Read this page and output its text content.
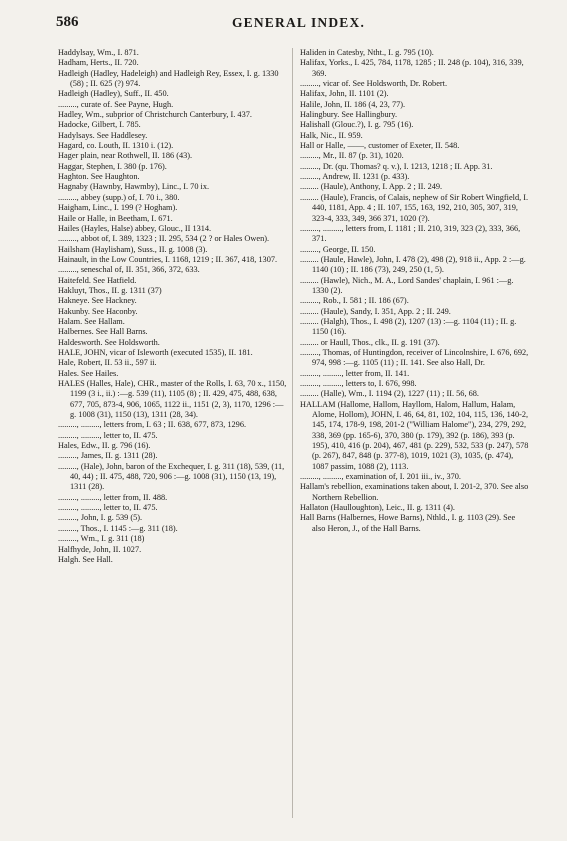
586	GENERAL INDEX.
Haddylsay, Wm., I. 871.
Hadham, Herts., II. 720.
Hadleigh (Hadley, Hadeleigh) and Hadleigh Rey, Essex, I. g. 1330 (58) ; II. 625 (?) 974.
Hadleigh (Hadley), Suff., II. 450.
........., curate of. See Payne, Hugh.
Hadley, Wm., subprior of Christchurch Canterbury, I. 437.
Hadocke, Gilbert, I. 785.
Hadylsays. See Haddlesey.
Hagard, co. Louth, II. 1310 i. (12).
Hager plain, near Rothwell, II. 186 (43).
Haggar, Stephen, I. 380 (p. 176).
Haghton. See Haughton.
Hagnaby (Hawnby, Hawmby), Linc., I. 70 ix.
........., abbey (supp.) of, I. 70 i., 380.
Haigham, Linc., I. 199 (? Hogham).
Haile or Halle, in Beetham, I. 671.
Hailes (Hayles, Halse) abbey, Glouc., II 1314.
........., abbot of, I. 389, 1323 ; II. 295, 534 (2 ? or Hales Owen).
Hailsham (Haylisham), Suss., II. g. 1008 (3).
Hainault, in the Low Countries, I. 1168, 1219 ; II. 367, 418, 1307.
........., seneschal of, II. 351, 366, 372, 633.
Haitefeld. See Hatfield.
Hakluyt, Thos., II. g. 1311 (37)
Hakneye. See Hackney.
Hakunby. See Haconby.
Halam. See Hallam.
Halbernes. See Hall Barns.
Haldesworth. See Holdsworth.
HALE, JOHN, vicar of Isleworth (executed 1535), II. 181.
Hale, Robert, II. 53 ii., 597 ii.
Hales. See Hailes.
HALES (Halles, Hale), CHR., master of the Rolls, I. 63, 70 x., 1150, 1199 (3 i., ii.) :—g. 539 (11), 1105 (8) ; II. 429, 475, 488, 638, 677, 705, 873-4, 906, 1065, 1122 ii., 1151 (2, 3), 1170, 1296 :—g. 1008 (31), 1150 (13), 1311 (28, 34).
........., ........., letters from, I. 63 ; II. 638, 677, 873, 1296.
........., ........., letter to, II. 475.
Hales, Edw., II. g. 796 (16).
........., James, II. g. 1311 (28).
........., (Hale), John, baron of the Exchequer, I. g. 311 (18), 539, (11, 40, 44) ; II. 475, 488, 720, 906 :—g. 1008 (31), 1150 (13, 19), 1311 (28).
........., ........., letter from, II. 488.
........., ........., letter to, II. 475.
........., John, I. g. 539 (5).
........., Thos., I. 1145 :—g. 311 (18).
........., Wm., I. g. 311 (18)
Halfhyde, John, II. 1027.
Halgh. See Hall.
Haliden in Catesby, Ntht., I. g. 795 (10).
Halifax, Yorks., I. 425, 784, 1178, 1285 ; II. 248 (p. 104), 316, 339, 369.
........., vicar of. See Holdsworth, Dr. Robert.
Halifax, John, II. 1101 (2).
Halile, John, II. 186 (4, 23, 77).
Halingbury. See Hallingbury.
Halishall (Glouc.?), I. g. 795 (16).
Halk, Nic., II. 959.
Hall or Halle, ——, customer of Exeter, II. 548.
........., Mr., II. 87 (p. 31), 1020.
........., Dr. (qu. Thomas? q. v.), I. 1213, 1218 ; II. App. 31.
........., Andrew, II. 1231 (p. 433).
......... (Haule), Anthony, I. App. 2 ; II. 249.
......... (Haule), Francis, of Calais, nephew of Sir Robert Wingfield, I. 440, 1181, App. 4 ; II. 107, 155, 163, 192, 210, 305, 307, 319, 323-4, 333, 349, 366 371, 1020 (?).
........., ........., letters from, I. 1181 ; II. 210, 319, 323 (2), 333, 366, 371.
........., George, II. 150.
......... (Haule, Hawle), John, I. 478 (2), 498 (2), 918 ii., App. 2 :—g. 1140 (10) ; II. 186 (73), 249, 250 (1, 5).
......... (Hawle), Nich., M. A., Lord Sandes' chaplain, I. 961 :—g. 1330 (2).
........., Rob., I. 581 ; II. 186 (67).
......... (Haule), Sandy, I. 351, App. 2 ; II. 249.
......... (Halgh), Thos., I. 498 (2), 1207 (13) :—g. 1104 (11) ; II. g. 1150 (16).
......... or Haull, Thos., clk., II. g. 191 (37).
........., Thomas, of Huntingdon, receiver of Lincolnshire, I. 676, 692, 974, 998 :—g. 1105 (11) ; II. 141. See also Hall, Dr.
........., ........., letter from, II. 141.
........., ........., letters to, I. 676, 998.
......... (Halle), Wm., I. 1194 (2), 1227 (11) ; II. 56, 68.
HALLAM (Hallome, Hallom, Hayllom, Halom, Hallum, Halam, Alome, Hollom), JOHN, I. 46, 64, 81, 102, 104, 115, 136, 140-2, 145, 174, 178-9, 198, 201-2 ("William Halome"), 234, 279, 292, 338, 369 (pp. 165-6), 370, 380 (p. 179), 392 (p. 186), 393 (p. 195), 410, 416 (p. 204), 467, 481 (p. 229), 532, 533 (p. 247), 578 (p. 267), 847, 848 (p. 377-8), 1019, 1021 (3), 1035, (p. 474), 1087 passim, 1088 (2), 1113.
........., ........., examination of, I. 201 iii., iv., 370.
Hallam's rebellion, examinations taken about, I. 201-2, 370. See also Northern Rebellion.
Hallaton (Haulloughton), Leic., II. g. 1311 (4).
Hall Barns (Halbernes, Howe Barns), Nthld., I. g. 1103 (29). See also Heron, J., of the Hall Barns.
